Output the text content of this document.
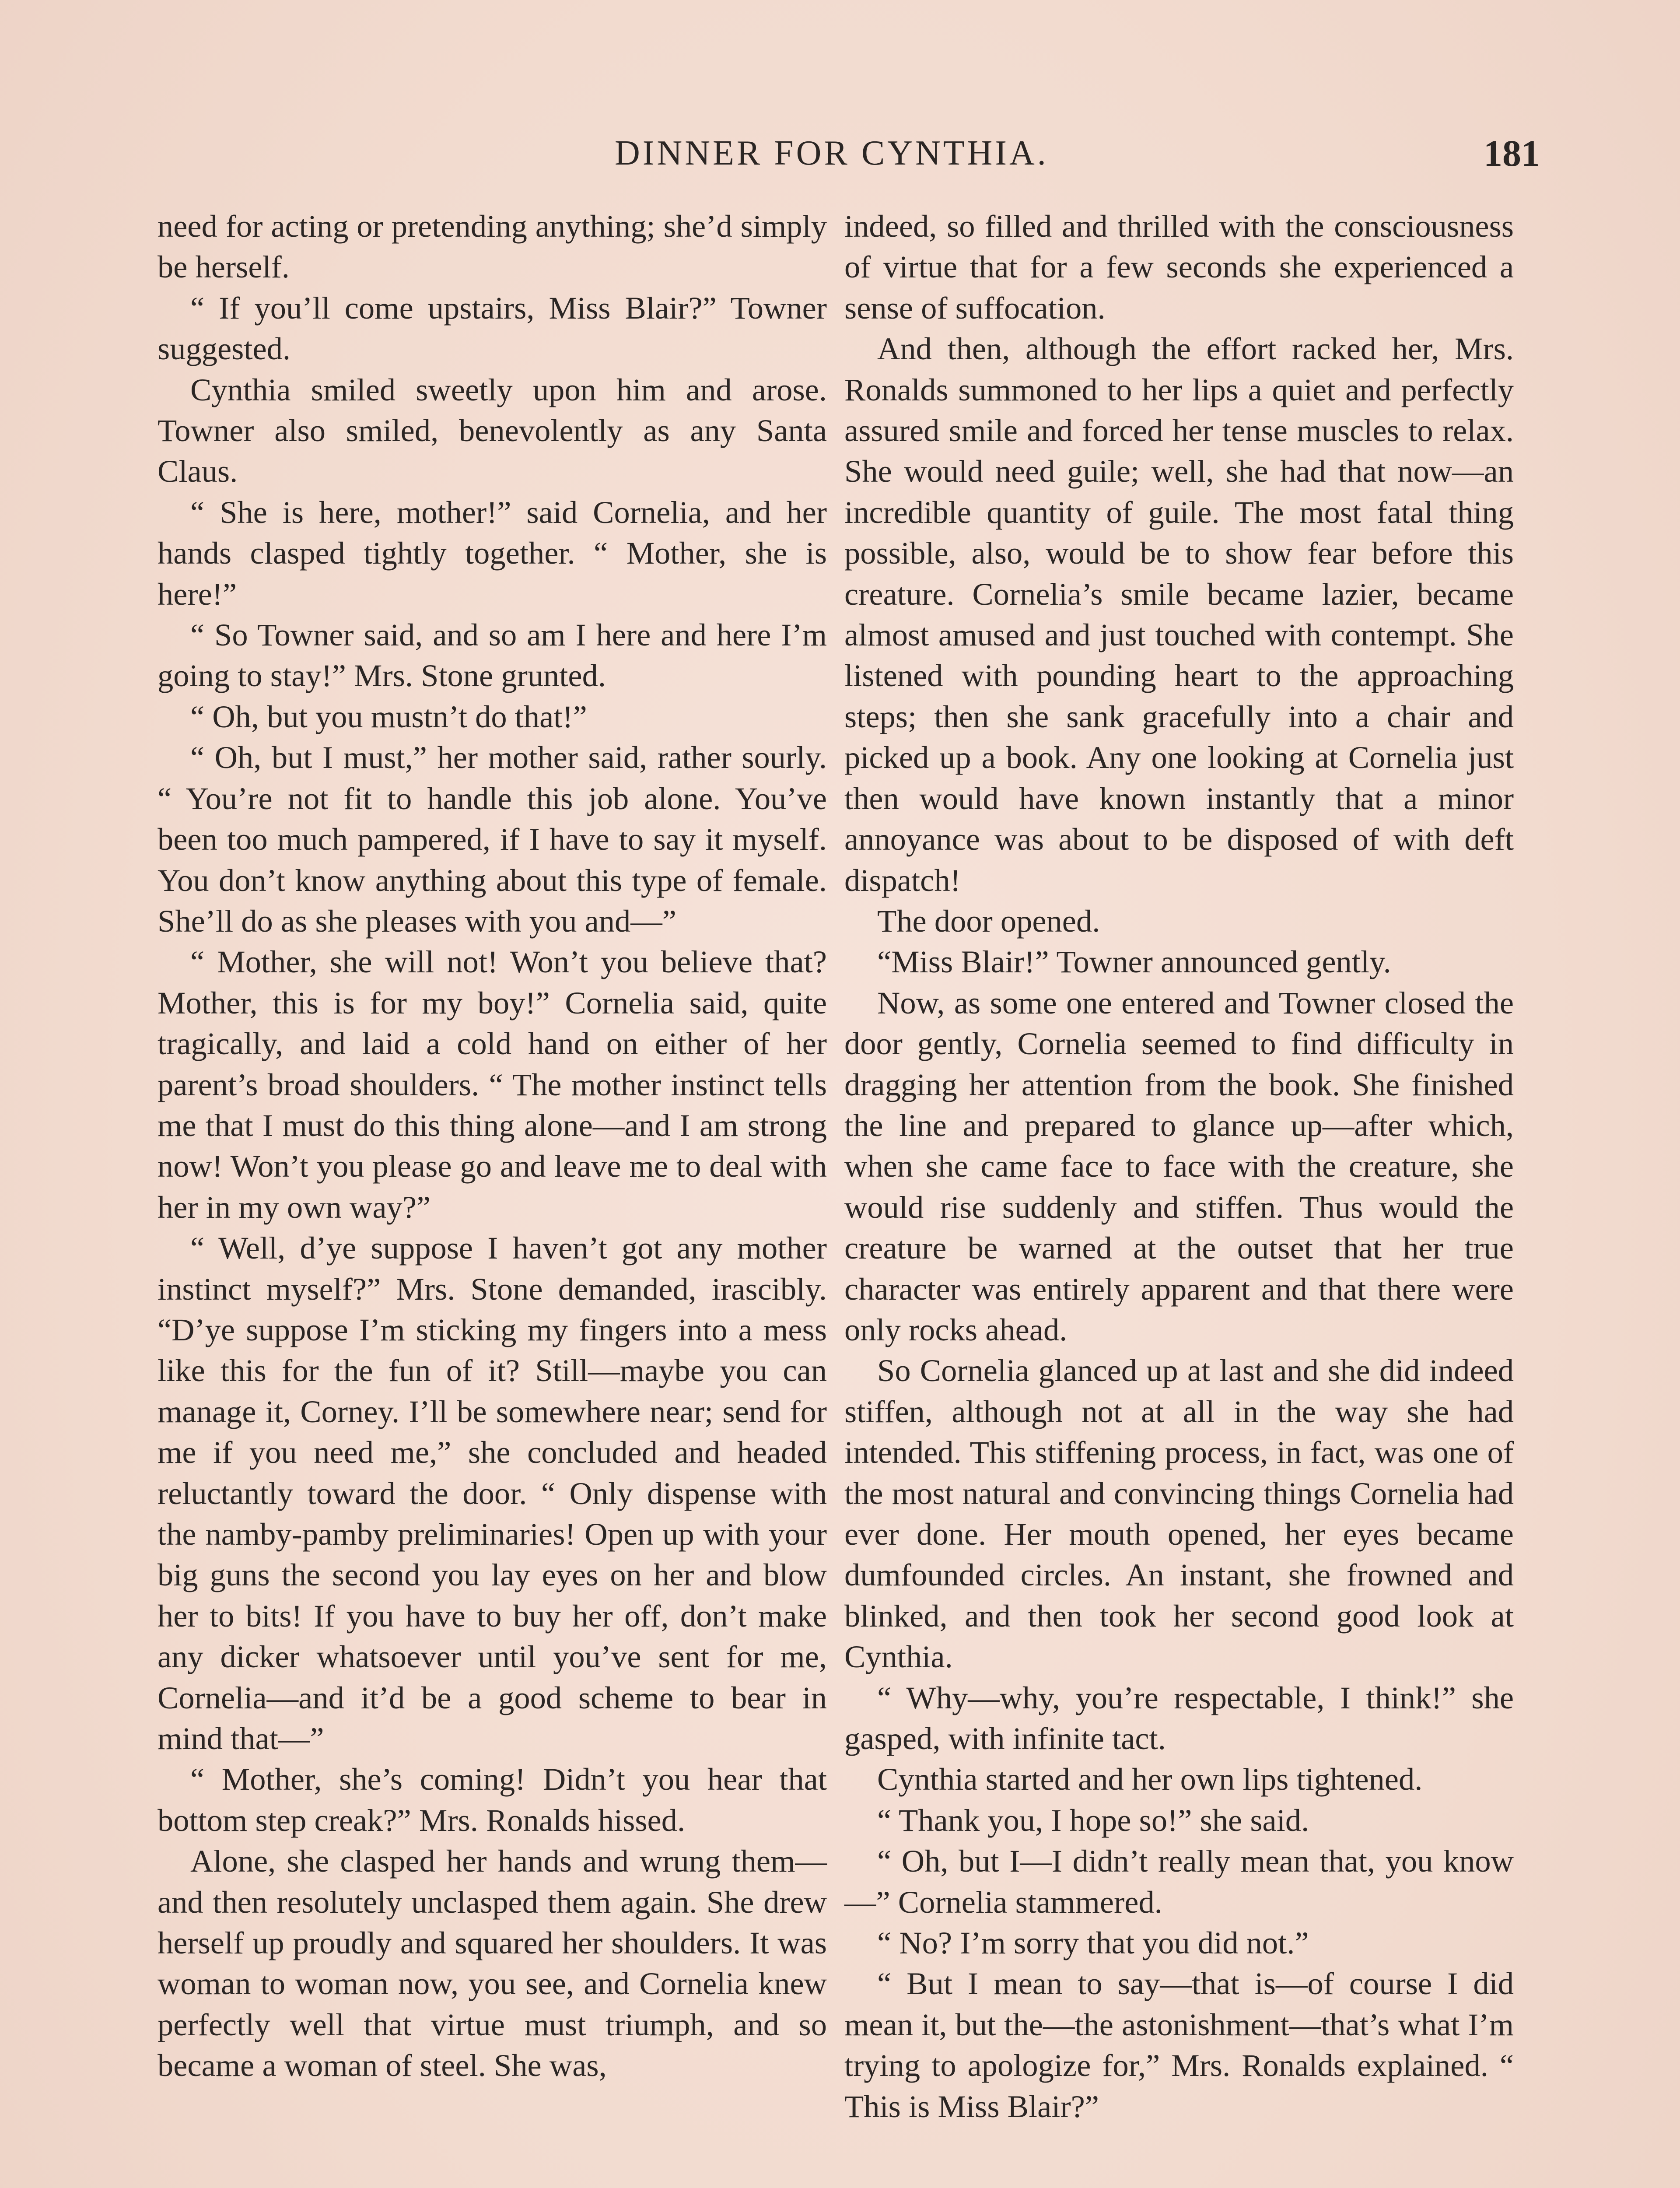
DINNER FOR CYNTHIA.	181

need for acting or pretending anything; she’d simply be herself.

“ If you’ll come upstairs, Miss Blair?” Towner suggested.

Cynthia smiled sweetly upon him and arose. Towner also smiled, benevolently as any Santa Claus.

“ She is here, mother!” said Cornelia, and her hands clasped tightly together. “ Mother, she is here!”

“ So Towner said, and so am I here and here I’m going to stay!” Mrs. Stone grunted.

“ Oh, but you mustn’t do that!”

“ Oh, but I must,” her mother said, rather sourly. “ You’re not fit to handle this job alone. You’ve been too much pampered, if I have to say it myself. You don’t know anything about this type of female. She’ll do as she pleases with you and—”

“ Mother, she will not! Won’t you believe that? Mother, this is for my boy!” Cornelia said, quite tragically, and laid a cold hand on either of her parent’s broad shoulders. “ The mother instinct tells me that I must do this thing alone—and I am strong now! Won’t you please go and leave me to deal with her in my own way?”

“ Well, d’ye suppose I haven’t got any mother instinct myself?” Mrs. Stone demanded, irascibly. “D’ye suppose I’m sticking my fingers into a mess like this for the fun of it? Still—maybe you can manage it, Corney. I’ll be somewhere near; send for me if you need me,” she concluded and headed reluctantly toward the door. “ Only dispense with the namby-pamby preliminaries! Open up with your big guns the second you lay eyes on her and blow her to bits! If you have to buy her off, don’t make any dicker whatsoever until you’ve sent for me, Cornelia—and it’d be a good scheme to bear in mind that—”

“ Mother, she’s coming! Didn’t you hear that bottom step creak?” Mrs. Ronalds hissed.

Alone, she clasped her hands and wrung them—and then resolutely unclasped them again. She drew herself up proudly and squared her shoulders. It was woman to woman now, you see, and Cornelia knew perfectly well that virtue must triumph, and so became a woman of steel. She was,

indeed, so filled and thrilled with the consciousness of virtue that for a few seconds she experienced a sense of suffocation.

And then, although the effort racked her, Mrs. Ronalds summoned to her lips a quiet and perfectly assured smile and forced her tense muscles to relax. She would need guile; well, she had that now—an incredible quantity of guile. The most fatal thing possible, also, would be to show fear before this creature. Cornelia’s smile became lazier, became almost amused and just touched with contempt. She listened with pounding heart to the approaching steps; then she sank gracefully into a chair and picked up a book. Any one looking at Cornelia just then would have known instantly that a minor annoyance was about to be disposed of with deft dispatch!

The door opened.

“Miss Blair!” Towner announced gently.

Now, as some one entered and Towner closed the door gently, Cornelia seemed to find difficulty in dragging her attention from the book. She finished the line and prepared to glance up—after which, when she came face to face with the creature, she would rise suddenly and stiffen. Thus would the creature be warned at the outset that her true character was entirely apparent and that there were only rocks ahead.

So Cornelia glanced up at last and she did indeed stiffen, although not at all in the way she had intended. This stiffening process, in fact, was one of the most natural and convincing things Cornelia had ever done. Her mouth opened, her eyes became dumfounded circles. An instant, she frowned and blinked, and then took her second good look at Cynthia.

“ Why—why, you’re respectable, I think!” she gasped, with infinite tact.

Cynthia started and her own lips tightened.

“ Thank you, I hope so!” she said.

“ Oh, but I—I didn’t really mean that, you know—” Cornelia stammered.

“ No? I’m sorry that you did not.”

“ But I mean to say—that is—of course I did mean it, but the—the astonishment—that’s what I’m trying to apologize for,” Mrs. Ronalds explained. “ This is Miss Blair?”
